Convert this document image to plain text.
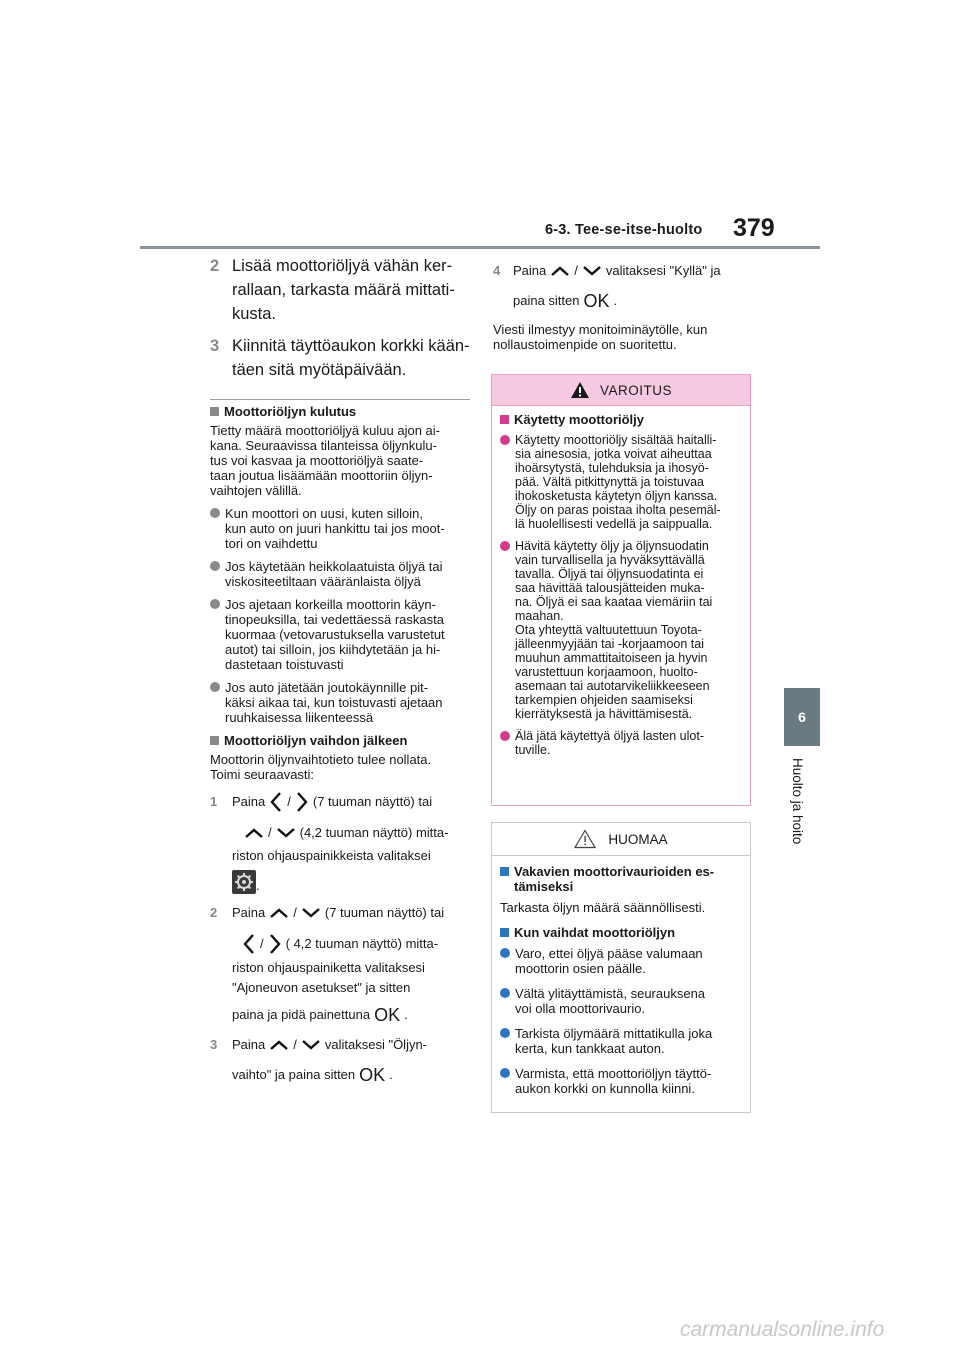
6-3. Tee-se-itse-huolto 379
6
Huolto ja hoito
2 Lisää moottoriöljyä vähän ker-
rallaan, tarkasta määrä mittati-
kusta.
3 Kiinnitä täyttöaukon korkki kään-
täen sitä myötäpäivään.
Moottoriöljyn kulutus
Tietty määrä moottoriöljyä kuluu ajon ai-
kana. Seuraavissa tilanteissa öljynkulu-
tus voi kasvaa ja moottoriöljyä saate-
taan joutua lisäämään moottoriin öljyn-
vaihtojen välillä.
Kun moottori on uusi, kuten silloin,
kun auto on juuri hankittu tai jos moot-
tori on vaihdettu
Jos käytetään heikkolaatuista öljyä tai
viskositeetiltaan vääränlaista öljyä
Jos ajetaan korkeilla moottorin käyn-
tinopeuksilla, tai vedettäessä raskasta
kuormaa (vetovarustuksella varustetut
autot) tai silloin, jos kiihdytetään ja hi-
dastetaan toistuvasti
Jos auto jätetään joutokäynnille pit-
käksi aikaa tai, kun toistuvasti ajetaan
ruuhkaisessa liikenteessä
Moottoriöljyn vaihdon jälkeen
Moottorin öljynvaihtotieto tulee nollata.
Toimi seuraavasti:
1	Paina / (7 tuuman näyttö) tai
/ (4,2 tuuman näyttö) mitta-
riston ohjauspainikkeista valitaksei
.
2	Paina / (7 tuuman näyttö) tai
/ ( 4,2 tuuman näyttö) mitta-
riston ohjauspainiketta valitaksesi
"Ajoneuvon asetukset" ja sitten
paina ja pidä painettuna OK .
3	Paina / valitaksesi "Öljyn-
vaihto" ja paina sitten OK .
4 Paina / valitaksesi "Kyllä" ja
paina sitten OK .
Viesti ilmestyy monitoiminäytölle, kun
nollaustoimenpide on suoritettu.
VAROITUS
Käytetty moottoriöljy
Käytetty moottoriöljy sisältää haitalli-
sia ainesosia, jotka voivat aiheuttaa
ihoärsytystä, tulehduksia ja ihosyö-
pää. Vältä pitkittynyttä ja toistuvaa
ihokosketusta käytetyn öljyn kanssa.
Öljy on paras poistaa iholta pesemäl-
lä huolellisesti vedellä ja saippualla.
Hävitä käytetty öljy ja öljynsuodatin
vain turvallisella ja hyväksyttävällä
tavalla. Öljyä tai öljynsuodatinta ei
saa hävittää talousjätteiden muka-
na. Öljyä ei saa kaataa viemäriin tai
maahan.
Ota yhteyttä valtuutettuun Toyota-
jälleenmyyjään tai -korjaamoon tai
muuhun ammattitaitoiseen ja hyvin
varustettuun korjaamoon, huolto-
asemaan tai autotarvikeliikkeeseen
tarkempien ohjeiden saamiseksi
kierrätyksestä ja hävittämisestä.
Älä jätä käytettyä öljyä lasten ulot-
tuville.
HUOMAA
Vakavien moottorivaurioiden es-
tämiseksi
Tarkasta öljyn määrä säännöllisesti.
Kun vaihdat moottoriöljyn
Varo, ettei öljyä pääse valumaan
moottorin osien päälle.
Vältä ylitäyttämistä, seurauksena
voi olla moottorivaurio.
Tarkista öljymäärä mittatikulla joka
kerta, kun tankkaat auton.
Varmista, että moottoriöljyn täyttö-
aukon korkki on kunnolla kiinni.
carmanualsonline.info
